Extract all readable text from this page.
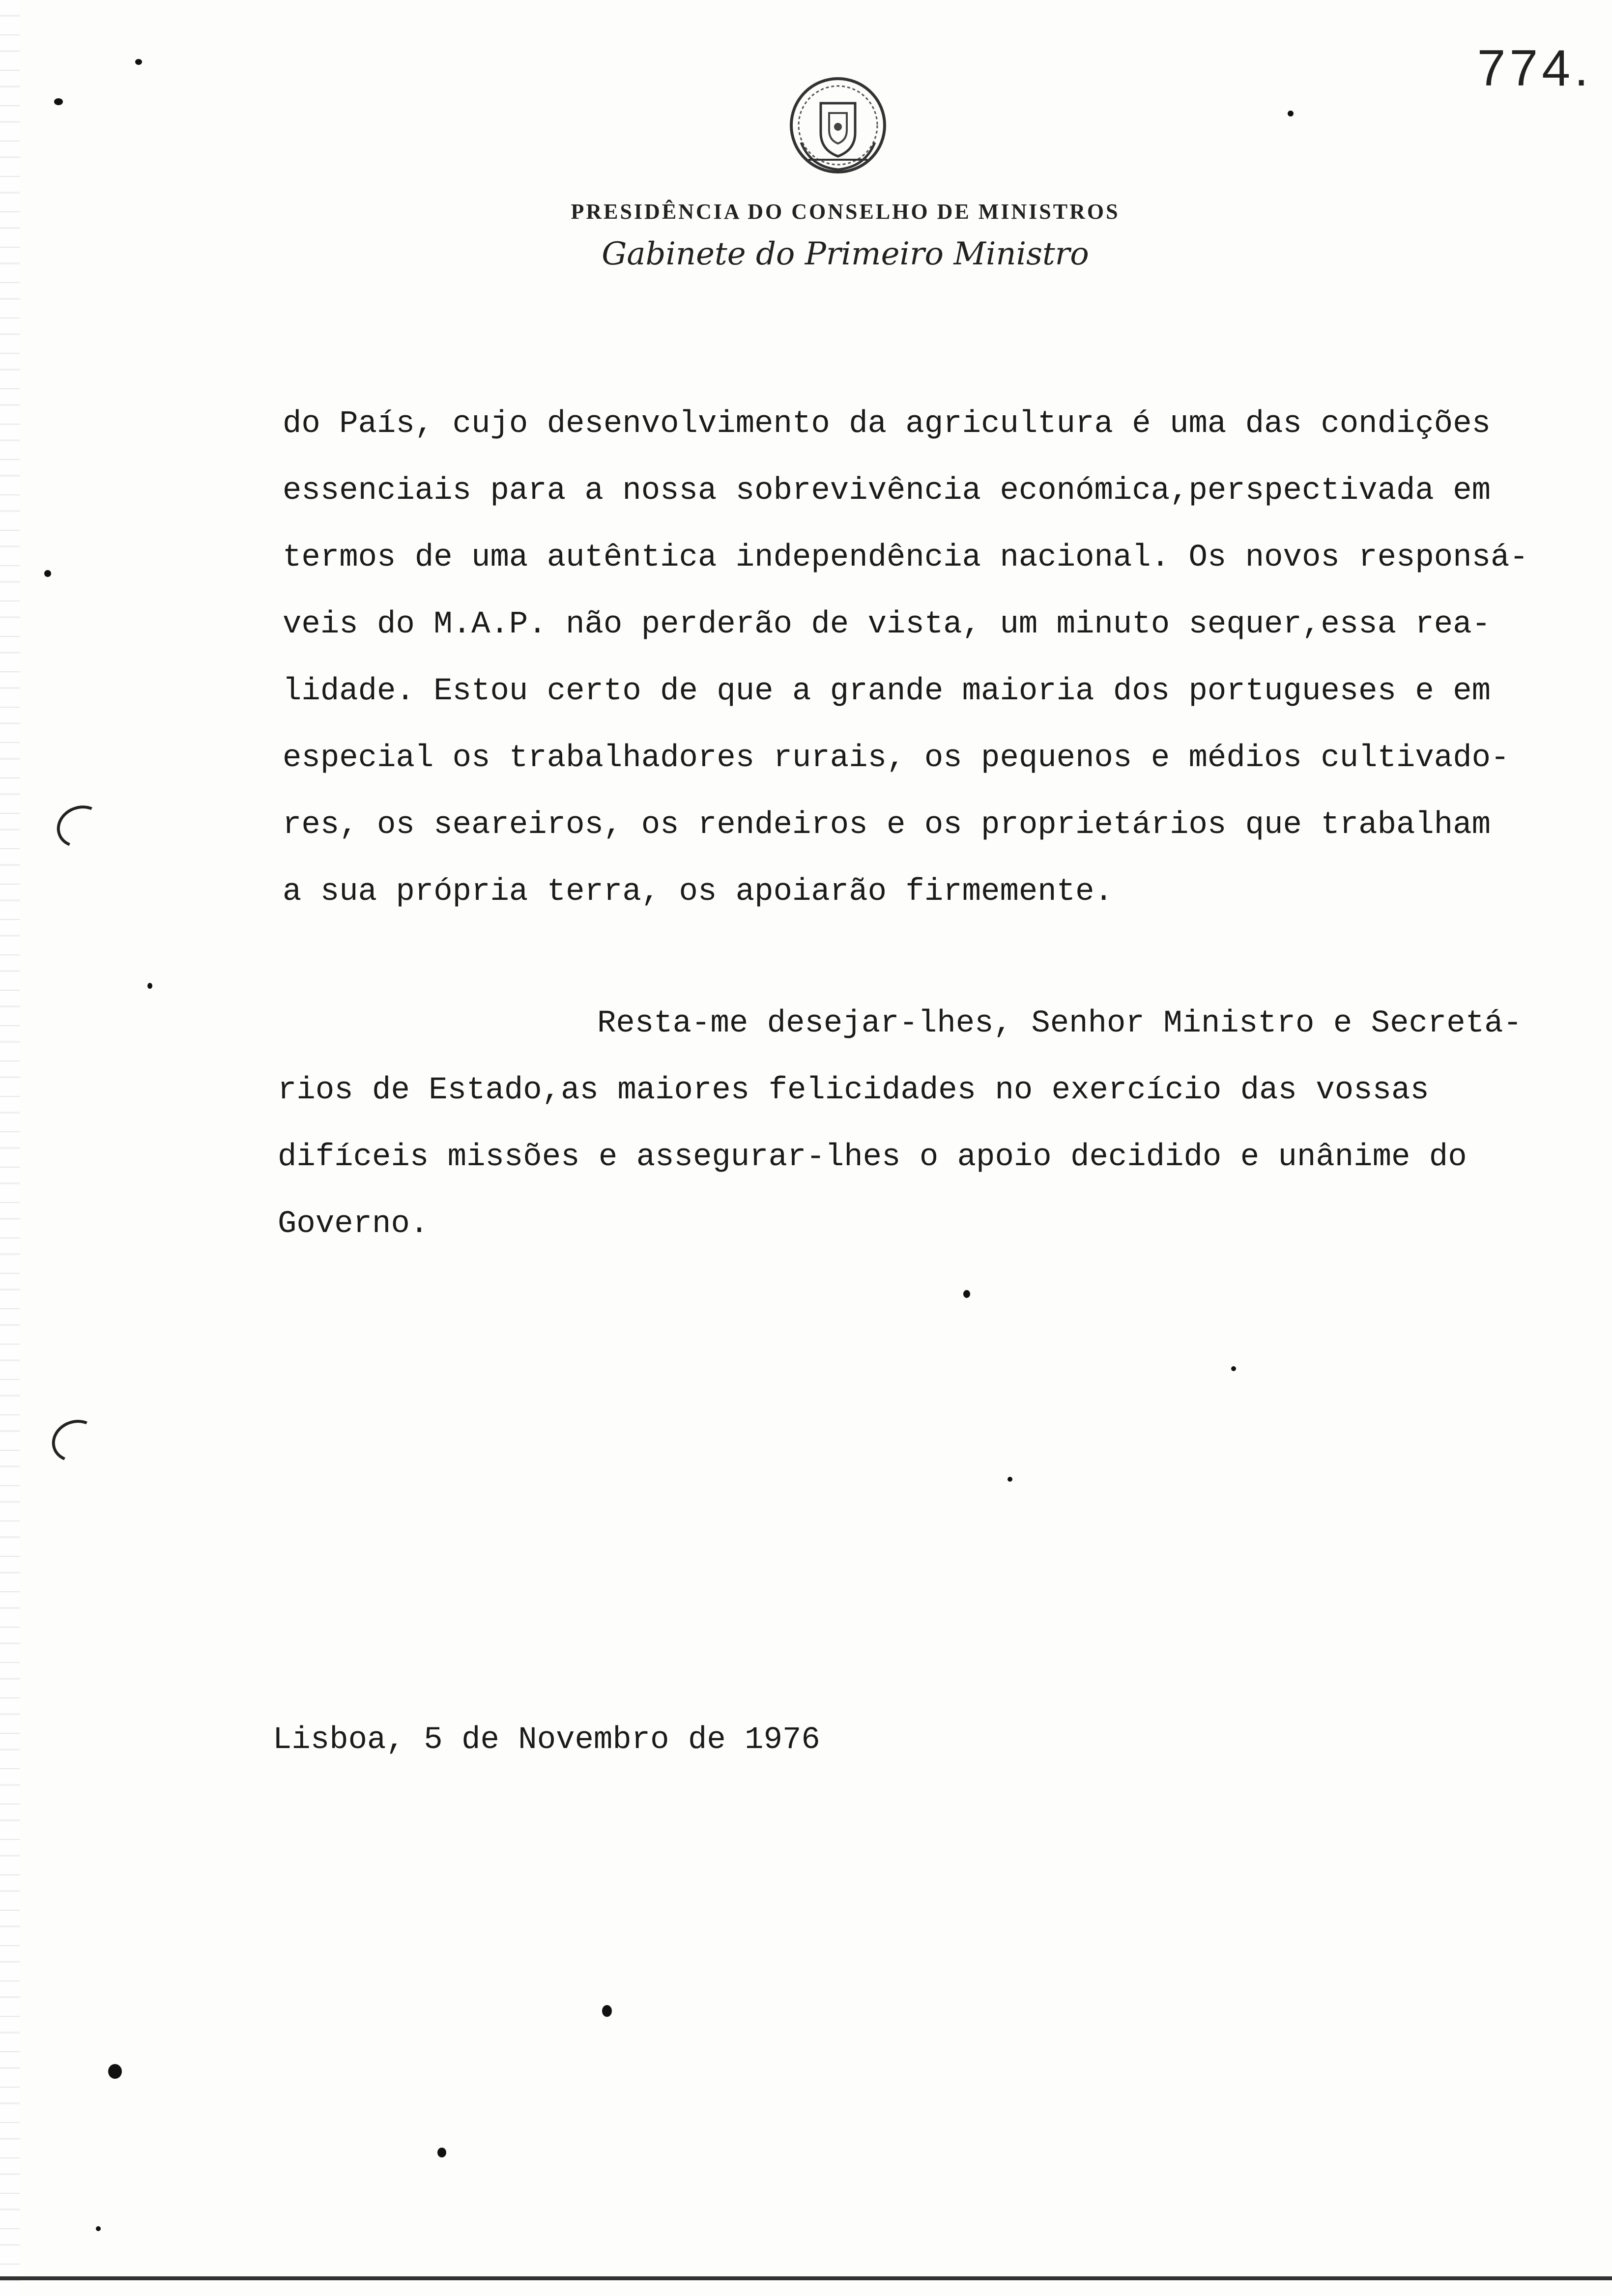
774.
PRESIDÊNCIA DO CONSELHO DE MINISTROS
Gabinete do Primeiro Ministro
do País, cujo desenvolvimento da agricultura é uma das condições
essenciais para a nossa sobrevivência económica,perspectivada em
termos de uma autêntica independência nacional. Os novos responsá-
veis do M.A.P. não perderão de vista, um minuto sequer,essa rea-
lidade. Estou certo de que a grande maioria dos portugueses e em
especial os trabalhadores rurais, os pequenos e médios cultivado-
res, os seareiros, os rendeiros e os proprietários que trabalham
a sua própria terra, os apoiarão firmemente.
Resta-me desejar-lhes, Senhor Ministro e Secretá-
rios de Estado,as maiores felicidades no exercício das vossas
difíceis missões e assegurar-lhes o apoio decidido e unânime do
Governo.
Lisboa, 5 de Novembro de 1976
